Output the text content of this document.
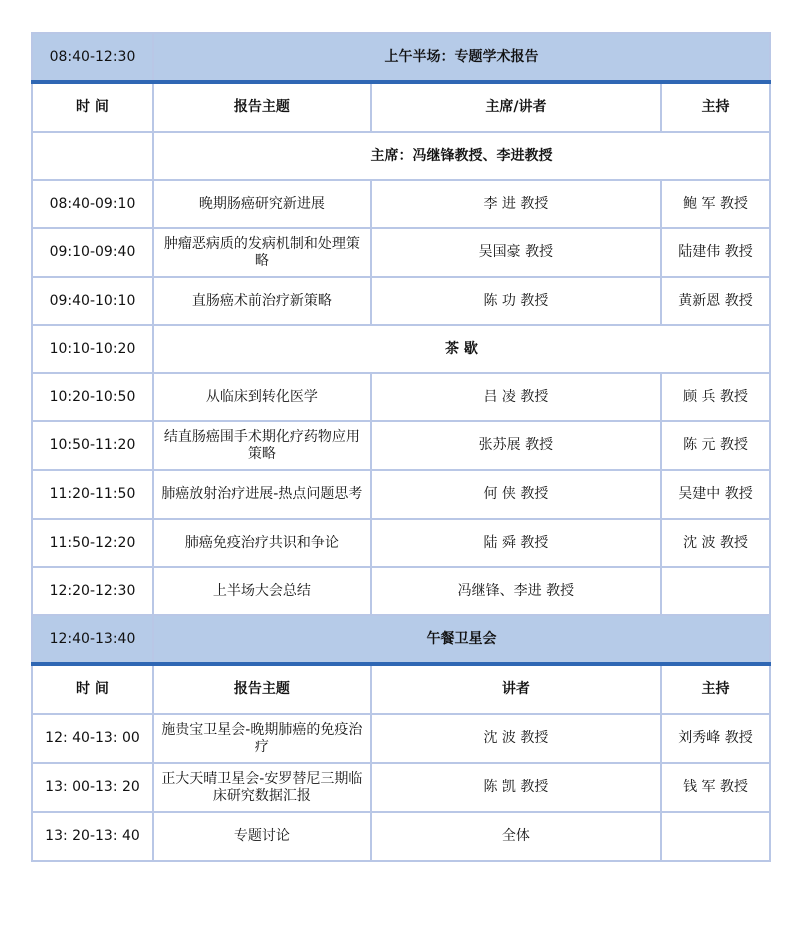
08:40-12:30	上午半场：专题学术报告		
时 间	报告主题	主席/讲者	主持
	主席：冯继锋教授、李进教授		
08:40-09:10	晚期肠癌研究新进展	李 进 教授	鲍 军 教授
09:10-09:40	肿瘤恶病质的发病机制和处理策略	吴国豪 教授	陆建伟 教授
09:40-10:10	直肠癌术前治疗新策略	陈 功 教授	黄新恩 教授
10:10-10:20	茶 歇		
10:20-10:50	从临床到转化医学	吕 凌 教授	顾 兵 教授
10:50-11:20	结直肠癌围手术期化疗药物应用策略	张苏展 教授	陈 元 教授
11:20-11:50	肺癌放射治疗进展-热点问题思考	何 侠 教授	吴建中 教授
11:50-12:20	肺癌免疫治疗共识和争论	陆 舜 教授	沈 波 教授
12:20-12:30	上半场大会总结	冯继锋、李进 教授	
12:40-13:40	午餐卫星会		
时 间	报告主题	讲者	主持
12: 40-13: 00	施贵宝卫星会-晚期肺癌的免疫治疗	沈 波 教授	刘秀峰 教授
13: 00-13: 20	正大天晴卫星会-安罗替尼三期临床研究数据汇报	陈 凯 教授	钱 军 教授
13: 20-13: 40	专题讨论	全体	
